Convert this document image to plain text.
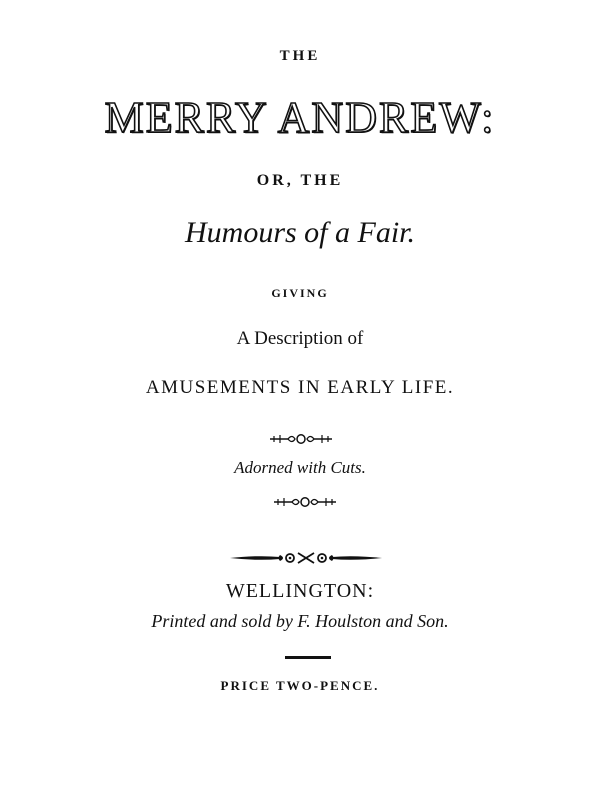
THE
MERRY ANDREW:
OR, THE
Humours of a Fair.
GIVING
A Description of
AMUSEMENTS IN EARLY LIFE.
Adorned with Cuts.
WELLINGTON:
Printed and sold by F. Houlston and Son.
PRICE TWO-PENCE.
